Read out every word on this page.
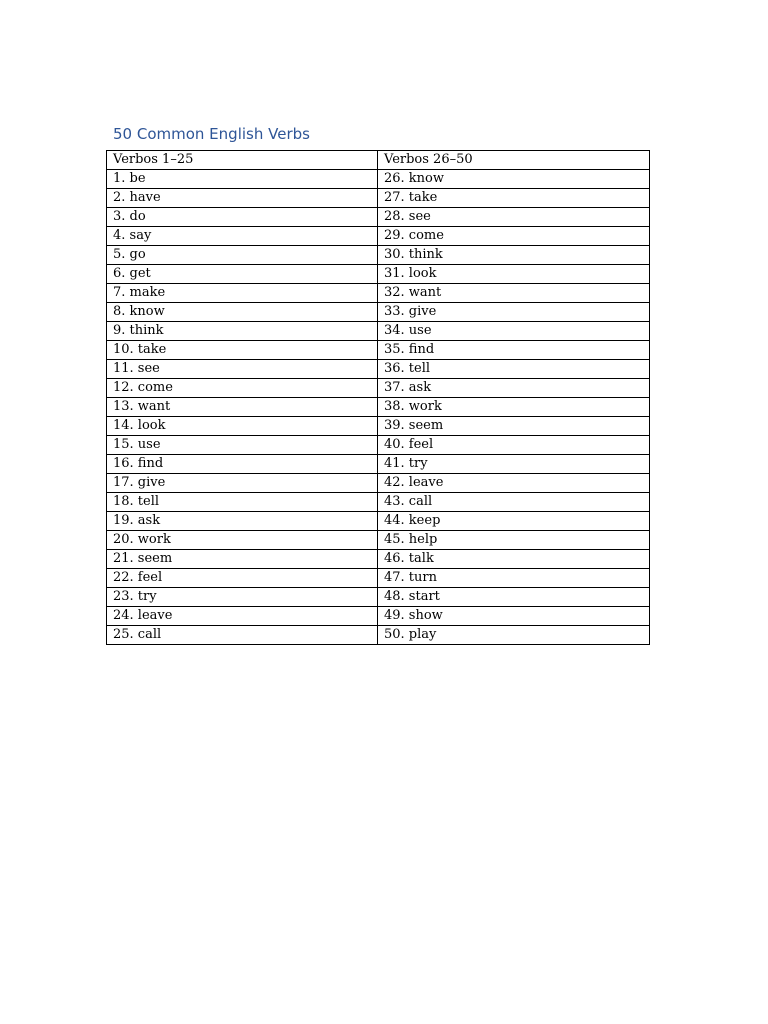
50 Common English Verbs
Verbos 1–25	Verbos 26–50
1. be	26. know
2. have	27. take
3. do	28. see
4. say	29. come
5. go	30. think
6. get	31. look
7. make	32. want
8. know	33. give
9. think	34. use
10. take	35. find
11. see	36. tell
12. come	37. ask
13. want	38. work
14. look	39. seem
15. use	40. feel
16. find	41. try
17. give	42. leave
18. tell	43. call
19. ask	44. keep
20. work	45. help
21. seem	46. talk
22. feel	47. turn
23. try	48. start
24. leave	49. show
25. call	50. play
